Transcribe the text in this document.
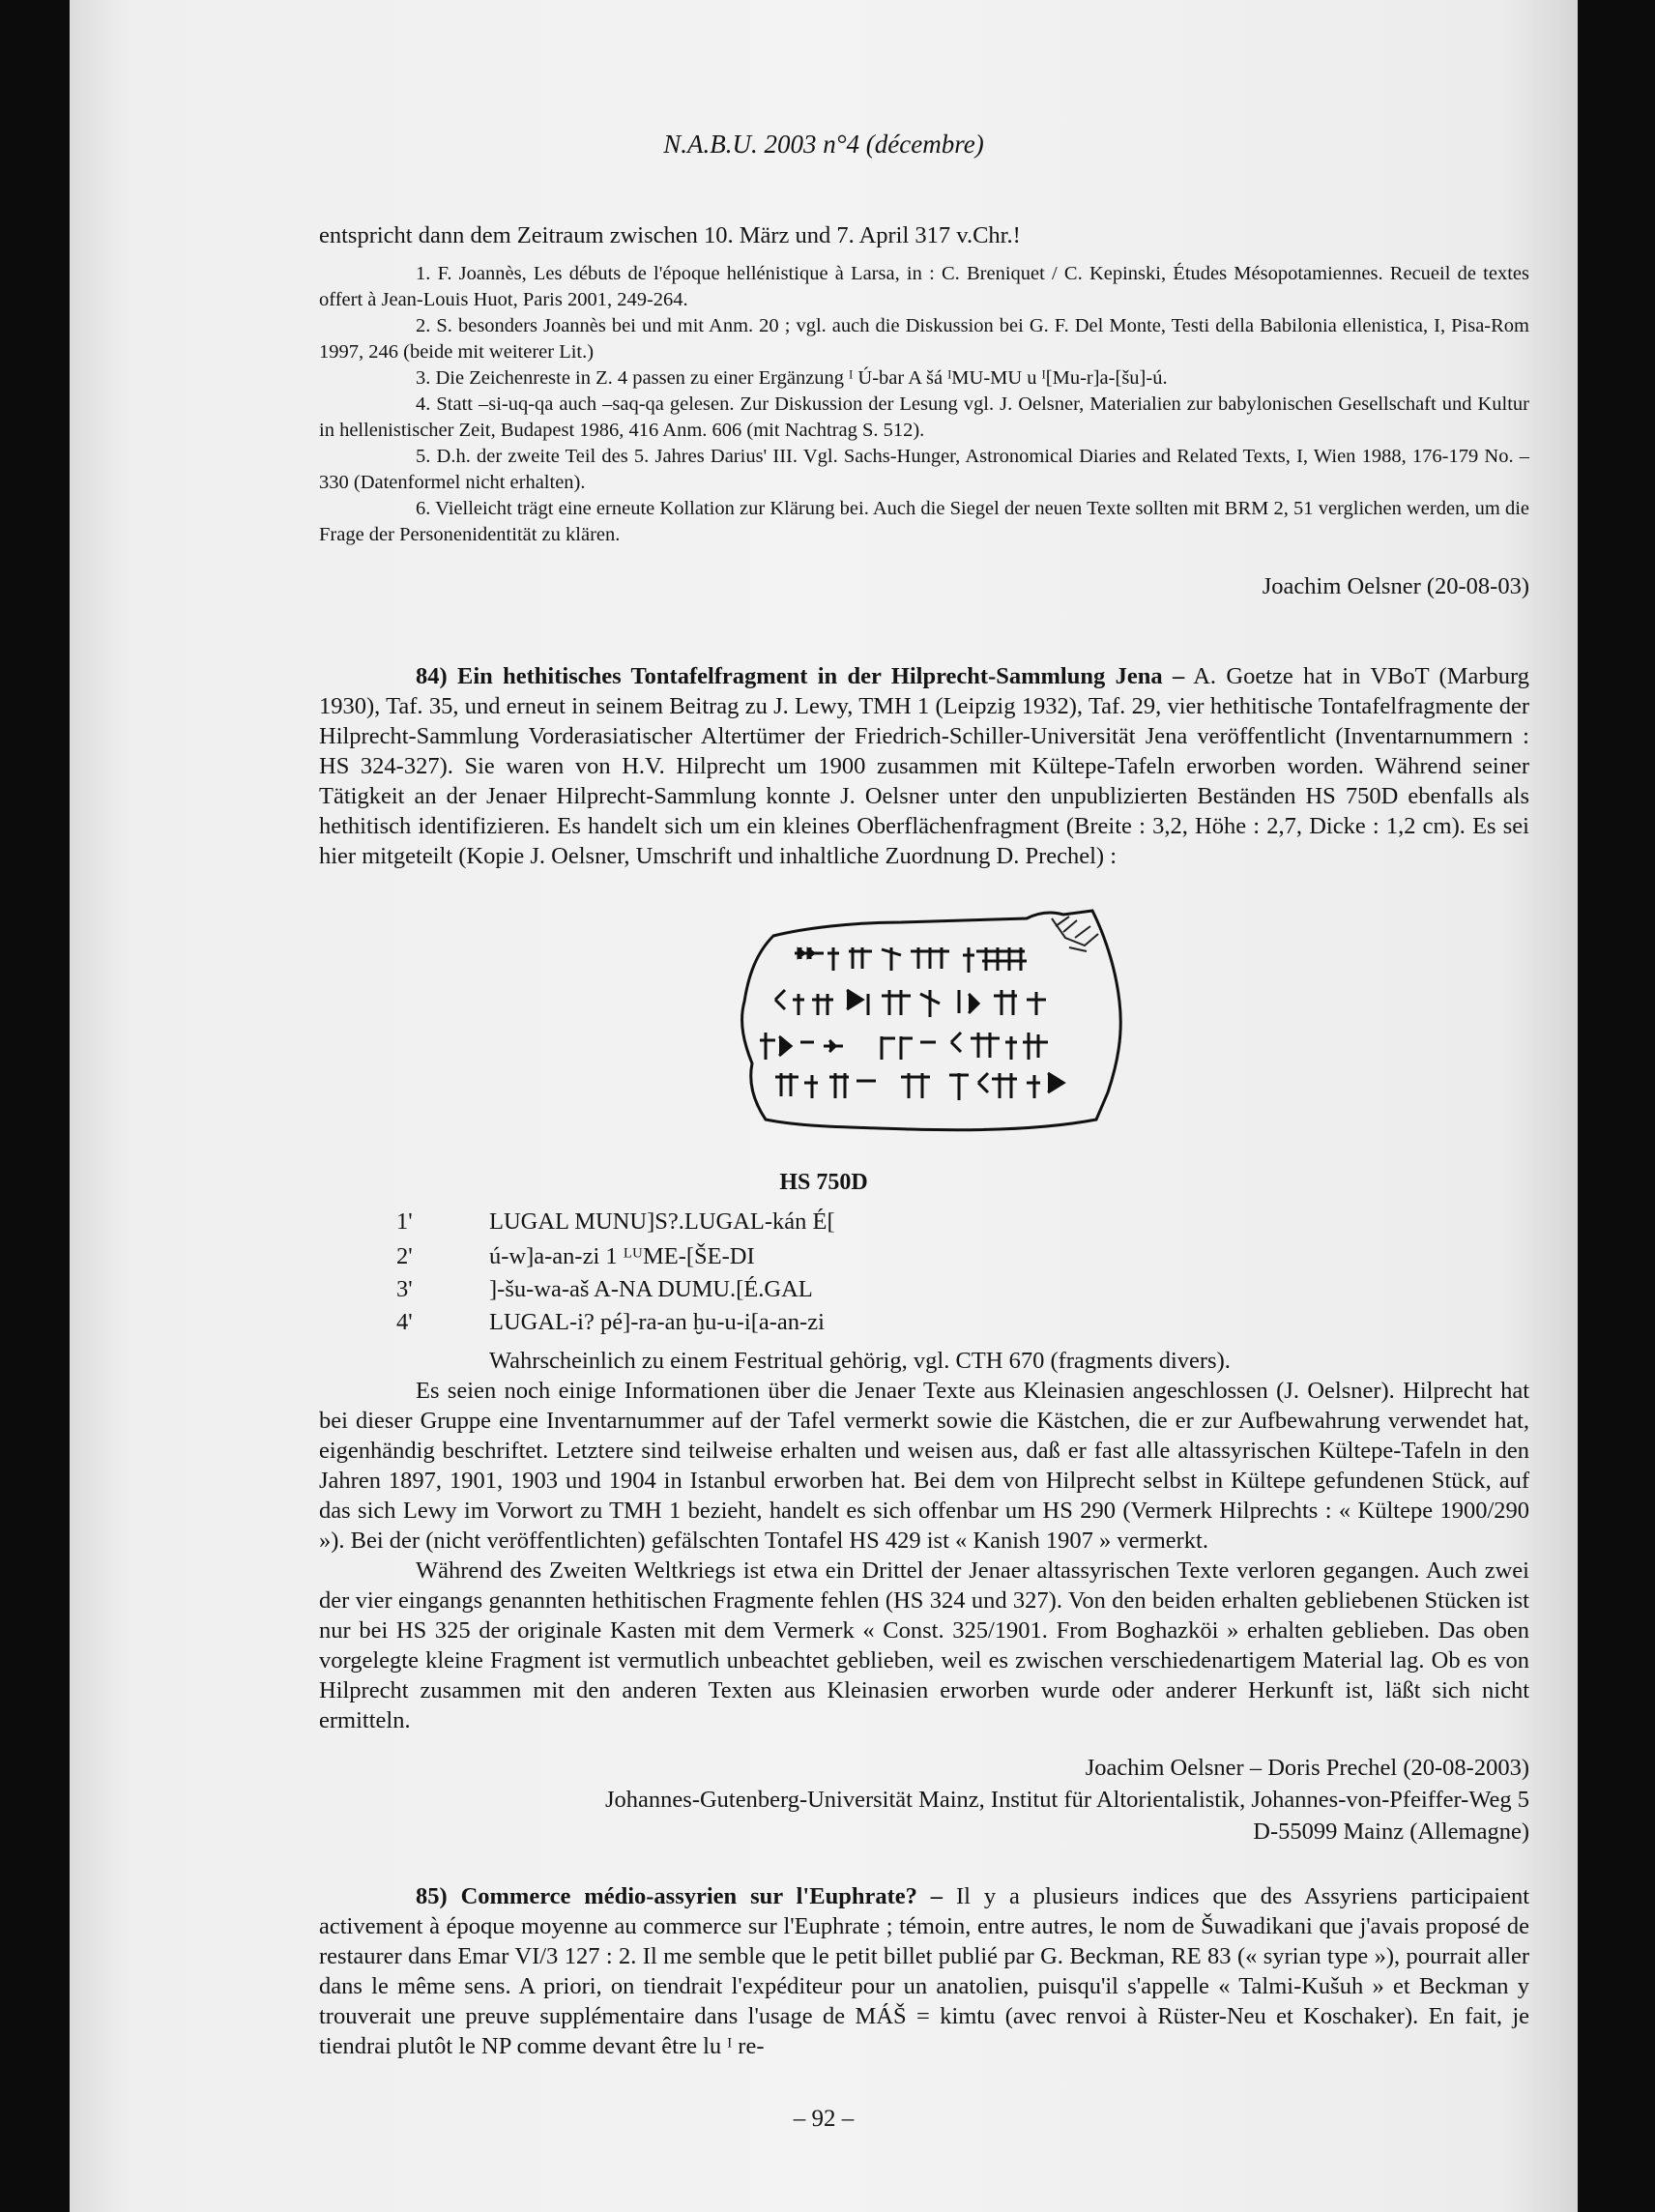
N.A.B.U. 2003 n°4 (décembre)
entspricht dann dem Zeitraum zwischen 10. März und 7. April 317 v.Chr.!

1. F. Joannès, Les débuts de l'époque hellénistique à Larsa, in : C. Breniquet / C. Kepinski, Études Mésopotamiennes. Recueil de textes offert à Jean-Louis Huot, Paris 2001, 249-264.

2. S. besonders Joannès bei und mit Anm. 20 ; vgl. auch die Diskussion bei G. F. Del Monte, Testi della Babilonia ellenistica, I, Pisa-Rom 1997, 246 (beide mit weiterer Lit.)

3. Die Zeichenreste in Z. 4 passen zu einer Ergänzung ᴵ Ú-bar A šá ᴵMU-MU u ᴵ[Mu-r]a-[šu]-ú.

4. Statt –si-uq-qa auch –saq-qa gelesen. Zur Diskussion der Lesung vgl. J. Oelsner, Materialien zur babylonischen Gesellschaft und Kultur in hellenistischer Zeit, Budapest 1986, 416 Anm. 606 (mit Nachtrag S. 512).

5. D.h. der zweite Teil des 5. Jahres Darius' III. Vgl. Sachs-Hunger, Astronomical Diaries and Related Texts, I, Wien 1988, 176-179 No. –330 (Datenformel nicht erhalten).

6. Vielleicht trägt eine erneute Kollation zur Klärung bei. Auch die Siegel der neuen Texte sollten mit BRM 2, 51 verglichen werden, um die Frage der Personenidentität zu klären.

Joachim Oelsner (20-08-03)

84) Ein hethitisches Tontafelfragment in der Hilprecht-Sammlung Jena – A. Goetze hat in VBoT (Marburg 1930), Taf. 35, und erneut in seinem Beitrag zu J. Lewy, TMH 1 (Leipzig 1932), Taf. 29, vier hethitische Tontafelfragmente der Hilprecht-Sammlung Vorderasiatischer Altertümer der Friedrich-Schiller-Universität Jena veröffentlicht (Inventarnummern : HS 324-327). Sie waren von H.V. Hilprecht um 1900 zusammen mit Kültepe-Tafeln erworben worden. Während seiner Tätigkeit an der Jenaer Hilprecht-Sammlung konnte J. Oelsner unter den unpublizierten Beständen HS 750D ebenfalls als hethitisch identifizieren. Es handelt sich um ein kleines Oberflächenfragment (Breite : 3,2, Höhe : 2,7, Dicke : 1,2 cm). Es sei hier mitgeteilt (Kopie J. Oelsner, Umschrift und inhaltliche Zuordnung D. Prechel) :

HS 750D
1'	LUGAL MUNU]S?.LUGAL-kán É[
2'	ú-w]a-an-zi 1 ᴸᵁME-[ŠE-DI
3'	]-šu-wa-aš A-NA DUMU.[É.GAL
4'	LUGAL-i? pé]-ra-an ḫu-u-i[a-an-zi

Wahrscheinlich zu einem Festritual gehörig, vgl. CTH 670 (fragments divers).

Es seien noch einige Informationen über die Jenaer Texte aus Kleinasien angeschlossen (J. Oelsner). Hilprecht hat bei dieser Gruppe eine Inventarnummer auf der Tafel vermerkt sowie die Kästchen, die er zur Aufbewahrung verwendet hat, eigenhändig beschriftet. Letztere sind teilweise erhalten und weisen aus, daß er fast alle altassyrischen Kültepe-Tafeln in den Jahren 1897, 1901, 1903 und 1904 in Istanbul erworben hat. Bei dem von Hilprecht selbst in Kültepe gefundenen Stück, auf das sich Lewy im Vorwort zu TMH 1 bezieht, handelt es sich offenbar um HS 290 (Vermerk Hilprechts : « Kültepe 1900/290 »). Bei der (nicht veröffentlichten) gefälschten Tontafel HS 429 ist « Kanish 1907 » vermerkt.

Während des Zweiten Weltkriegs ist etwa ein Drittel der Jenaer altassyrischen Texte verloren gegangen. Auch zwei der vier eingangs genannten hethitischen Fragmente fehlen (HS 324 und 327). Von den beiden erhalten gebliebenen Stücken ist nur bei HS 325 der originale Kasten mit dem Vermerk « Const. 325/1901. From Boghazköi » erhalten geblieben. Das oben vorgelegte kleine Fragment ist vermutlich unbeachtet geblieben, weil es zwischen verschiedenartigem Material lag. Ob es von Hilprecht zusammen mit den anderen Texten aus Kleinasien erworben wurde oder anderer Herkunft ist, läßt sich nicht ermitteln.

Joachim Oelsner – Doris Prechel (20-08-2003)
Johannes-Gutenberg-Universität Mainz, Institut für Altorientalistik, Johannes-von-Pfeiffer-Weg 5
D-55099 Mainz (Allemagne)

85) Commerce médio-assyrien sur l'Euphrate? – Il y a plusieurs indices que des Assyriens participaient activement à époque moyenne au commerce sur l'Euphrate ; témoin, entre autres, le nom de Šuwadikani que j'avais proposé de restaurer dans Emar VI/3 127 : 2. Il me semble que le petit billet publié par G. Beckman, RE 83 (« syrian type »), pourrait aller dans le même sens. A priori, on tiendrait l'expéditeur pour un anatolien, puisqu'il s'appelle « Talmi-Kušuh » et Beckman y trouverait une preuve supplémentaire dans l'usage de MÁŠ = kimtu (avec renvoi à Rüster-Neu et Koschaker). En fait, je tiendrai plutôt le NP comme devant être lu ᴵ re-

– 92 –
